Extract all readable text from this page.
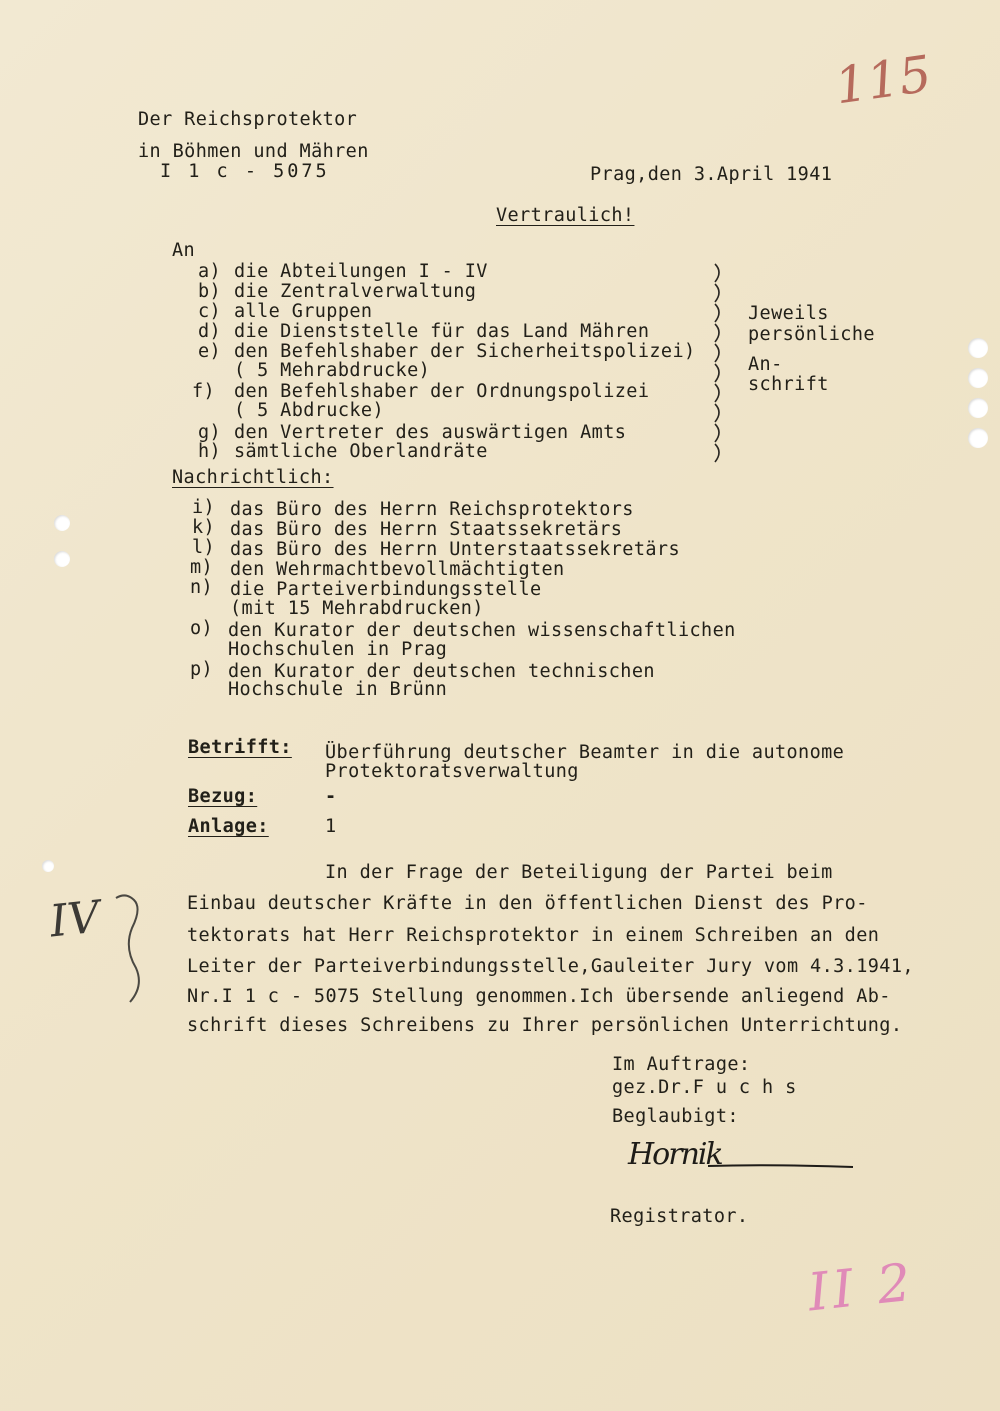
115
Der Reichsprotektor
in Böhmen und Mähren
I 1 c - 5075	Prag,den 3.April 1941
Vertraulich!
An
a) die Abteilungen I - IV
b) die Zentralverwaltung
c) alle Gruppen
d) die Dienststelle für das Land Mähren
e) den Befehlshaber der Sicherheitspolizei)
( 5 Mehrabdrucke)
f) den Befehlshaber der Ordnungspolizei
( 5 Abdrucke)
g) den Vertreter des auswärtigen Amts
h) sämtliche Oberlandräte
Jeweils
persönliche
An-
schrift
Nachrichtlich:
i) das Büro des Herrn Reichsprotektors
k) das Büro des Herrn Staatssekretärs
l) das Büro des Herrn Unterstaatssekretärs
m) den Wehrmachtbevollmächtigten
n) die Parteiverbindungsstelle
(mit 15 Mehrabdrucken)
o) den Kurator der deutschen wissenschaftlichen
Hochschulen in Prag
p) den Kurator der deutschen technischen
Hochschule in Brünn
Betrifft: Überführung deutscher Beamter in die autonome
Protektoratsverwaltung
Bezug:	-
Anlage:	1
In der Frage der Beteiligung der Partei beim
Einbau deutscher Kräfte in den öffentlichen Dienst des Pro-
tektorats hat Herr Reichsprotektor in einem Schreiben an den
Leiter der Parteiverbindungsstelle,Gauleiter Jury vom 4.3.1941,
Nr.I 1 c - 5075 Stellung genommen.Ich übersende anliegend Ab-
schrift dieses Schreibens zu Ihrer persönlichen Unterrichtung.
IV
Im Auftrage:
gez.Dr.F u c h s
Beglaubigt:
Hornik
Registrator.
II 2
